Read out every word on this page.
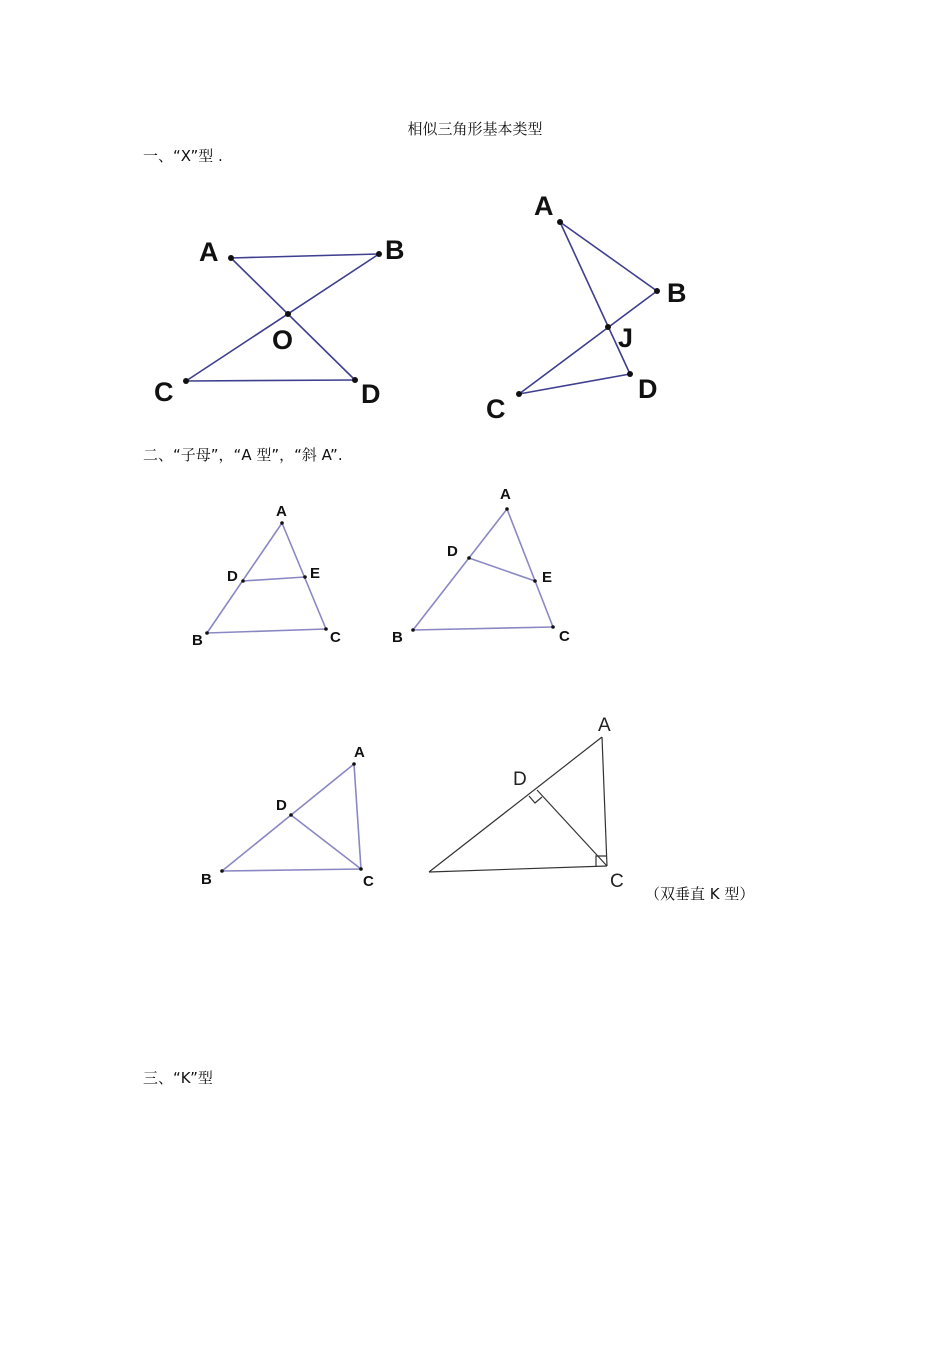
相似三角形基本类型
一、“X”型 .
二、“子母”，“A 型”，“斜 A”.
三、“K”型
（双垂直 K 型）
A	B
O
C	D
A
B
J
C
D
A
D	E
B	C
A
D
E
B	C
A
D
B	C
A
D
C
